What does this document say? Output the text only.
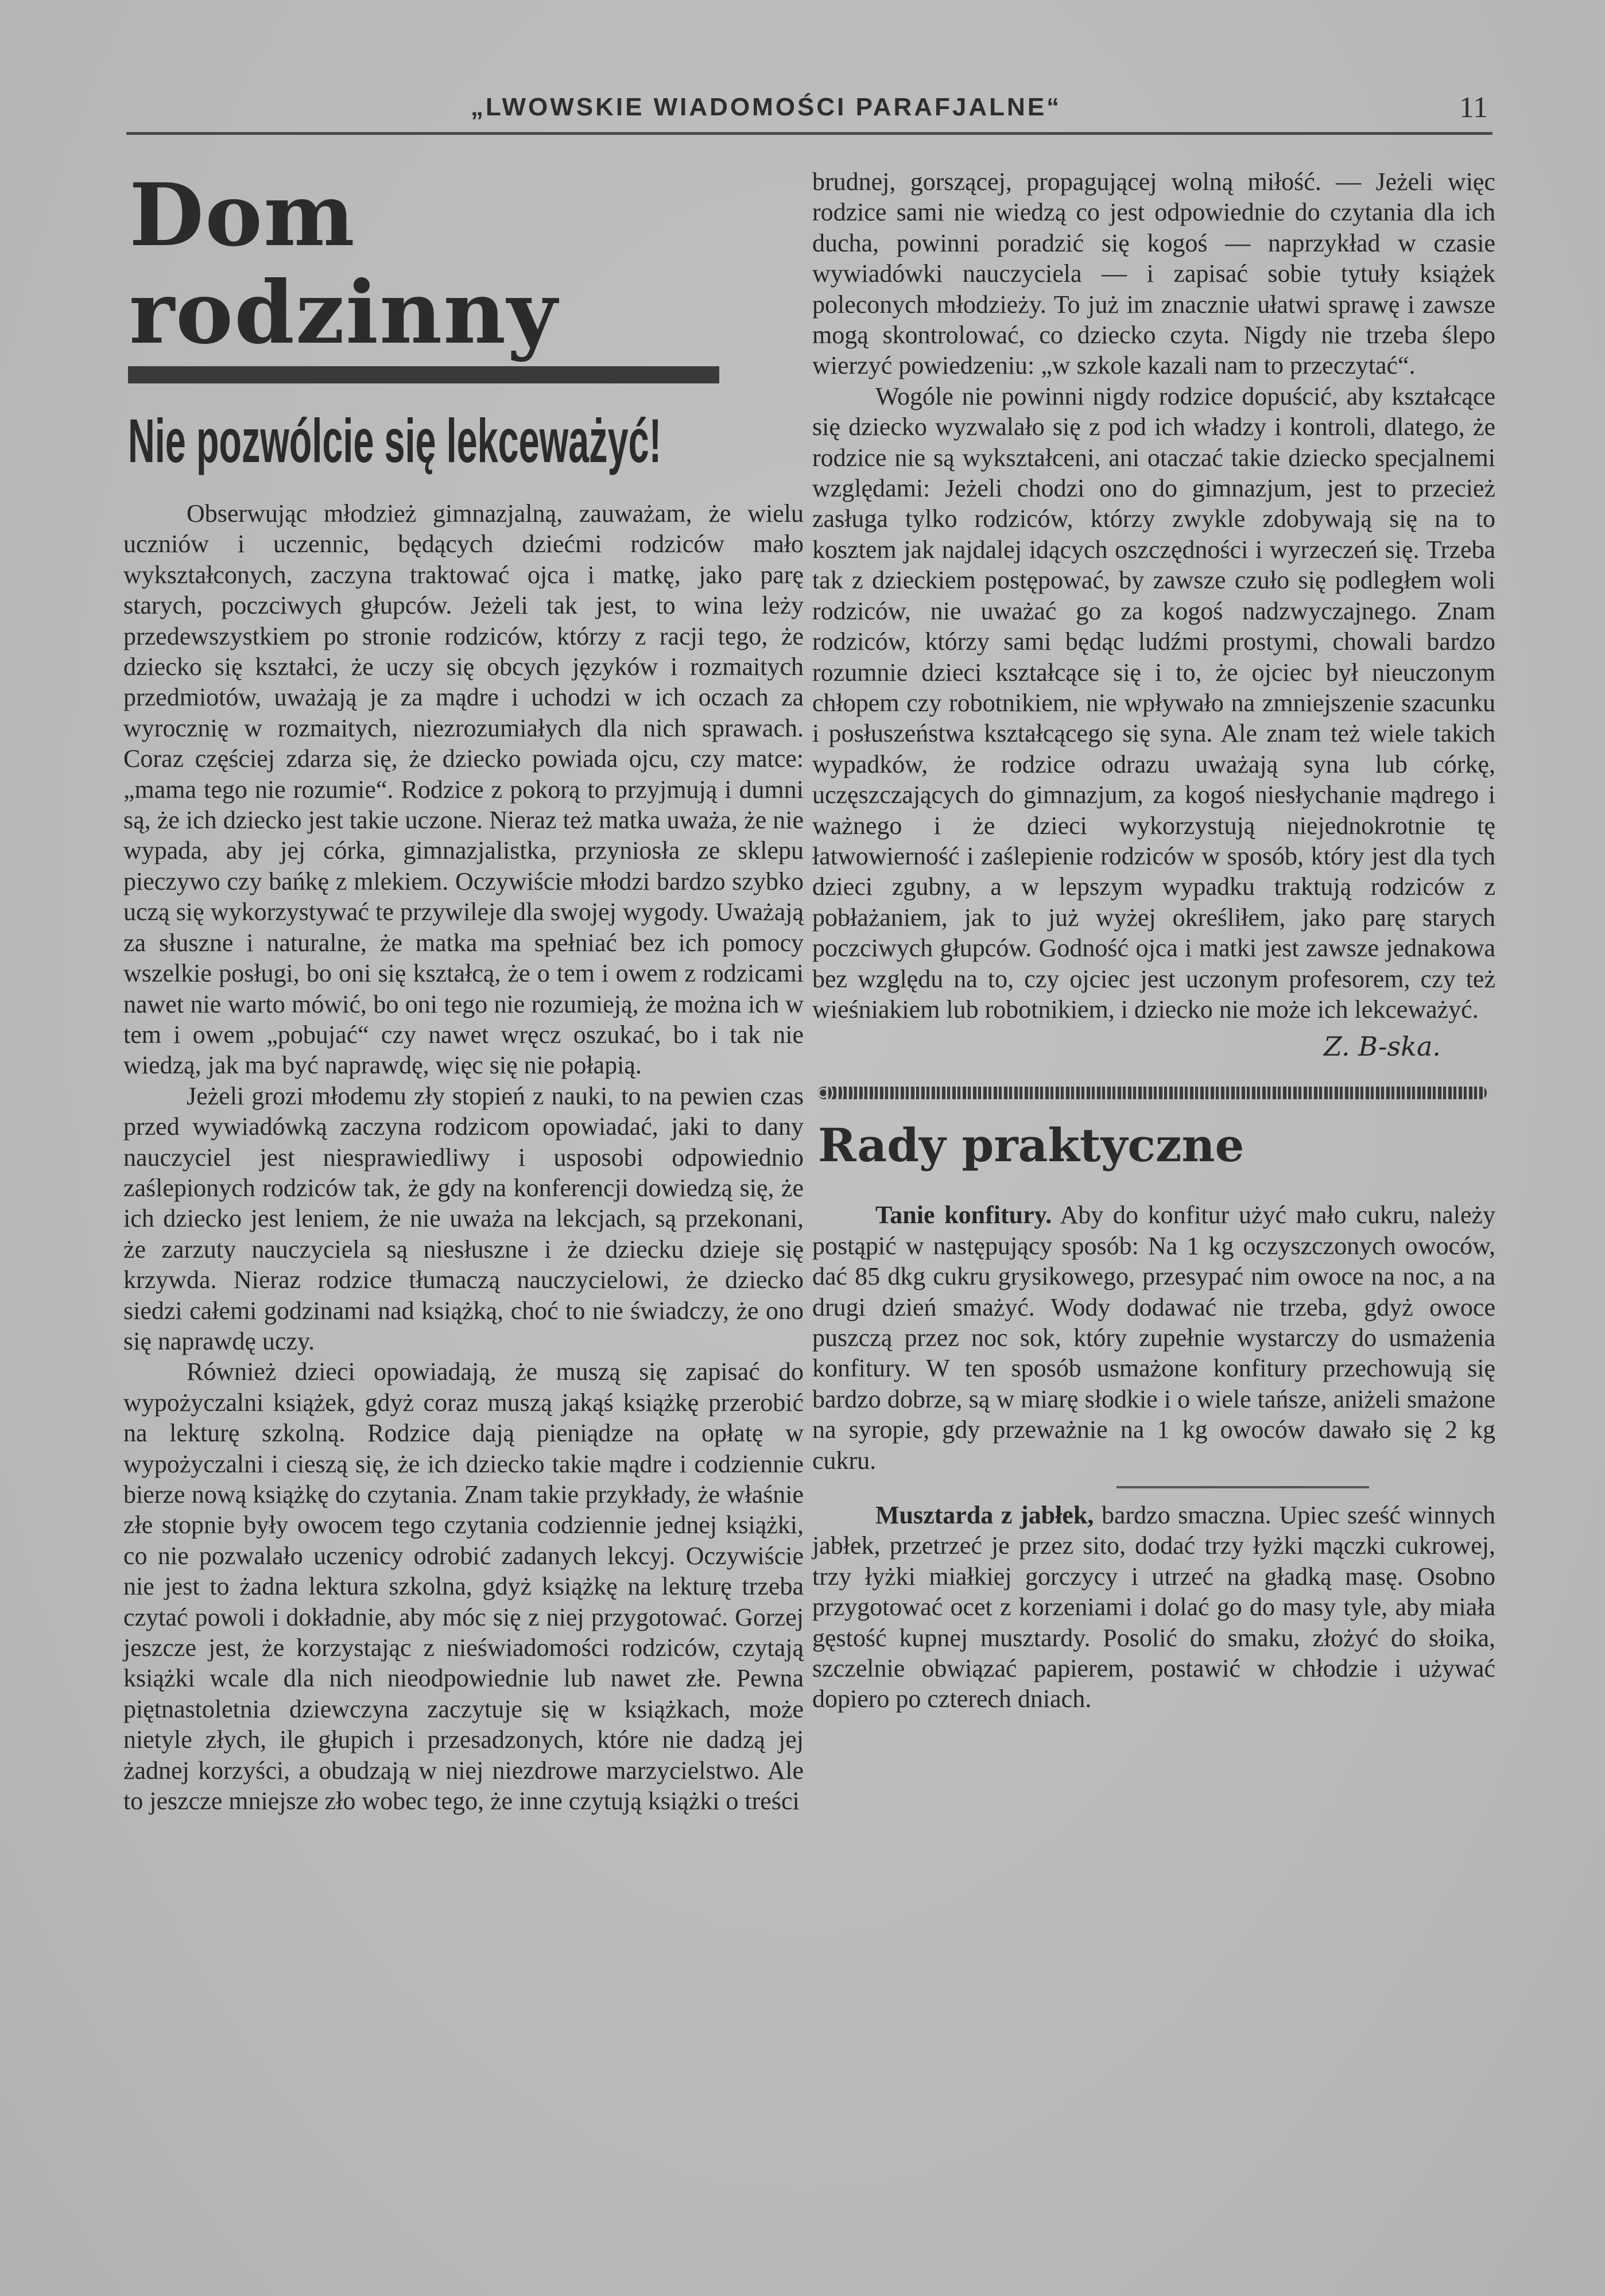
„LWOWSKIE WIADOMOŚCI PARAFJALNE“	11
Dom rodzinny
Nie pozwólcie się lekceważyć!

Obserwując młodzież gimnazjalną, zauważam, że wielu uczniów i uczennic, będących dziećmi rodziców mało wykształconych, zaczyna traktować ojca i matkę, jako parę starych, poczciwych głupców. Jeżeli tak jest, to wina leży przedewszystkiem po stronie rodziców, którzy z racji tego, że dziecko się kształci, że uczy się obcych języków i rozmaitych przedmiotów, uważają je za mądre i uchodzi w ich oczach za wyrocznię w rozmaitych, niezrozumiałych dla nich sprawach. Coraz częściej zdarza się, że dziecko powiada ojcu, czy matce: „mama tego nie rozumie“. Rodzice z pokorą to przyjmują i dumni są, że ich dziecko jest takie uczone. Nieraz też matka uważa, że nie wypada, aby jej córka, gimnazjalistka, przyniosła ze sklepu pieczywo czy bańkę z mlekiem. Oczywiście młodzi bardzo szybko uczą się wykorzystywać te przywileje dla swojej wygody. Uważają za słuszne i naturalne, że matka ma spełniać bez ich pomocy wszelkie posługi, bo oni się kształcą, że o tem i owem z rodzicami nawet nie warto mówić, bo oni tego nie rozumieją, że można ich w tem i owem „pobujać“ czy nawet wręcz oszukać, bo i tak nie wiedzą, jak ma być naprawdę, więc się nie połapią.

Jeżeli grozi młodemu zły stopień z nauki, to na pewien czas przed wywiadówką zaczyna rodzicom opowiadać, jaki to dany nauczyciel jest niesprawiedliwy i usposobi odpowiednio zaślepionych rodziców tak, że gdy na konferencji dowiedzą się, że ich dziecko jest leniem, że nie uważa na lekcjach, są przekonani, że zarzuty nauczyciela są niesłuszne i że dziecku dzieje się krzywda. Nieraz rodzice tłumaczą nauczycielowi, że dziecko siedzi całemi godzinami nad książką, choć to nie świadczy, że ono się naprawdę uczy.

Również dzieci opowiadają, że muszą się zapisać do wypożyczalni książek, gdyż coraz muszą jakąś książkę przerobić na lekturę szkolną. Rodzice dają pieniądze na opłatę w wypożyczalni i cieszą się, że ich dziecko takie mądre i codziennie bierze nową książkę do czytania. Znam takie przykłady, że właśnie złe stopnie były owocem tego czytania codziennie jednej książki, co nie pozwalało uczenicy odrobić zadanych lekcyj. Oczywiście nie jest to żadna lektura szkolna, gdyż książkę na lekturę trzeba czytać powoli i dokładnie, aby móc się z niej przygotować. Gorzej jeszcze jest, że korzystając z nieświadomości rodziców, czytają książki wcale dla nich nieodpowiednie lub nawet złe. Pewna piętnastoletnia dziewczyna zaczytuje się w książkach, może nietyle złych, ile głupich i przesadzonych, które nie dadzą jej żadnej korzyści, a obudzają w niej niezdrowe marzycielstwo. Ale to jeszcze mniejsze zło wobec tego, że inne czytują książki o treści

brudnej, gorszącej, propagującej wolną miłość. — Jeżeli więc rodzice sami nie wiedzą co jest odpowiednie do czytania dla ich ducha, powinni poradzić się kogoś — naprzykład w czasie wywiadówki nauczyciela — i zapisać sobie tytuły książek poleconych młodzieży. To już im znacznie ułatwi sprawę i zawsze mogą skontrolować, co dziecko czyta. Nigdy nie trzeba ślepo wierzyć powiedzeniu: „w szkole kazali nam to przeczytać“.

Wogóle nie powinni nigdy rodzice dopuścić, aby kształcące się dziecko wyzwalało się z pod ich władzy i kontroli, dlatego, że rodzice nie są wykształceni, ani otaczać takie dziecko specjalnemi względami: Jeżeli chodzi ono do gimnazjum, jest to przecież zasługa tylko rodziców, którzy zwykle zdobywają się na to kosztem jak najdalej idących oszczędności i wyrzeczeń się. Trzeba tak z dzieckiem postępować, by zawsze czuło się podległem woli rodziców, nie uważać go za kogoś nadzwyczajnego. Znam rodziców, którzy sami będąc ludźmi prostymi, chowali bardzo rozumnie dzieci kształcące się i to, że ojciec był nieuczonym chłopem czy robotnikiem, nie wpływało na zmniejszenie szacunku i posłuszeństwa kształcącego się syna. Ale znam też wiele takich wypadków, że rodzice odrazu uważają syna lub córkę, uczęszczających do gimnazjum, za kogoś niesłychanie mądrego i ważnego i że dzieci wykorzystują niejednokrotnie tę łatwowierność i zaślepienie rodziców w sposób, który jest dla tych dzieci zgubny, a w lepszym wypadku traktują rodziców z pobłażaniem, jak to już wyżej określiłem, jako parę starych poczciwych głupców. Godność ojca i matki jest zawsze jednakowa bez względu na to, czy ojciec jest uczonym profesorem, czy też wieśniakiem lub robotnikiem, i dziecko nie może ich lekceważyć.

Z. B-ska.
Rady praktyczne

Tanie konfitury. Aby do konfitur użyć mało cukru, należy postąpić w następujący sposób: Na 1 kg oczyszczonych owoców, dać 85 dkg cukru grysikowego, przesypać nim owoce na noc, a na drugi dzień smażyć. Wody dodawać nie trzeba, gdyż owoce puszczą przez noc sok, który zupełnie wystarczy do usmażenia konfitury. W ten sposób usmażone konfitury przechowują się bardzo dobrze, są w miarę słodkie i o wiele tańsze, aniżeli smażone na syropie, gdy przeważnie na 1 kg owoców dawało się 2 kg cukru.

Musztarda z jabłek, bardzo smaczna. Upiec sześć winnych jabłek, przetrzeć je przez sito, dodać trzy łyżki mączki cukrowej, trzy łyżki miałkiej gorczycy i utrzeć na gładką masę. Osobno przygotować ocet z korzeniami i dolać go do masy tyle, aby miała gęstość kupnej musztardy. Posolić do smaku, złożyć do słoika, szczelnie obwiązać papierem, postawić w chłodzie i używać dopiero po czterech dniach.
